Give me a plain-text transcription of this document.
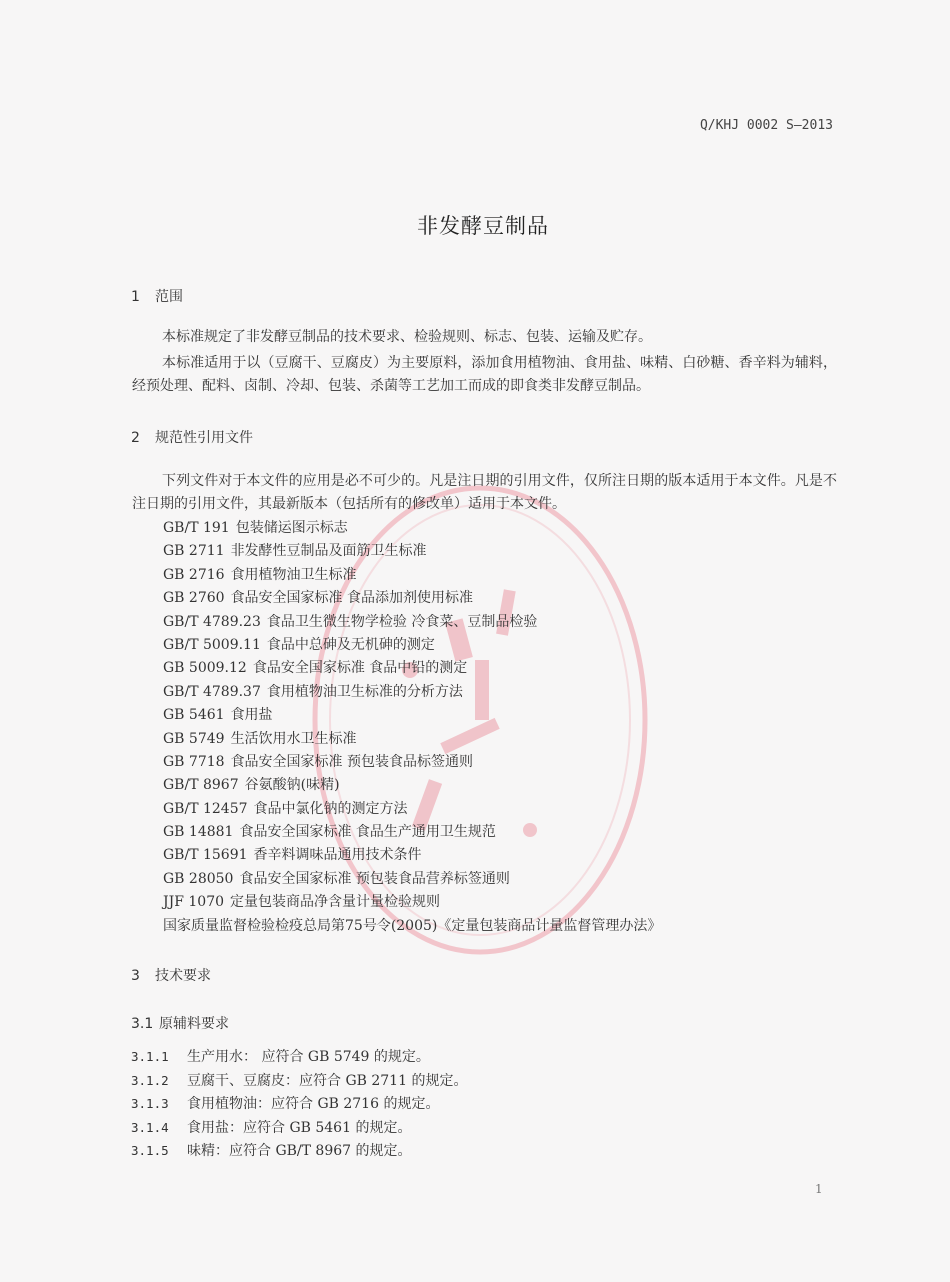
Q/KHJ 0002 S—2013
非发酵豆制品
1 范围
本标准规定了非发酵豆制品的技术要求、检验规则、标志、包装、运输及贮存。
本标准适用于以（豆腐干、豆腐皮）为主要原料，添加食用植物油、食用盐、味精、白砂糖、香辛料为辅料，经预处理、配料、卤制、冷却、包装、杀菌等工艺加工而成的即食类非发酵豆制品。
2 规范性引用文件
下列文件对于本文件的应用是必不可少的。凡是注日期的引用文件，仅所注日期的版本适用于本文件。凡是不注日期的引用文件，其最新版本（包括所有的修改单）适用于本文件。
GB/T 191 包装储运图示标志
GB 2711 非发酵性豆制品及面筋卫生标准
GB 2716 食用植物油卫生标准
GB 2760 食品安全国家标准 食品添加剂使用标准
GB/T 4789.23 食品卫生微生物学检验 冷食菜、豆制品检验
GB/T 5009.11 食品中总砷及无机砷的测定
GB 5009.12 食品安全国家标准 食品中铅的测定
GB/T 4789.37 食用植物油卫生标准的分析方法
GB 5461 食用盐
GB 5749 生活饮用水卫生标准
GB 7718 食品安全国家标准 预包装食品标签通则
GB/T 8967 谷氨酸钠(味精)
GB/T 12457 食品中氯化钠的测定方法
GB 14881 食品安全国家标准 食品生产通用卫生规范
GB/T 15691 香辛料调味品通用技术条件
GB 28050 食品安全国家标准 预包装食品营养标签通则
JJF 1070 定量包装商品净含量计量检验规则
国家质量监督检验检疫总局第75号令(2005)《定量包装商品计量监督管理办法》
3 技术要求
3.1 原辅料要求
3.1.1 生产用水： 应符合 GB 5749 的规定。
3.1.2 豆腐干、豆腐皮：应符合 GB 2711 的规定。
3.1.3 食用植物油：应符合 GB 2716 的规定。
3.1.4 食用盐：应符合 GB 5461 的规定。
3.1.5 味精：应符合 GB/T 8967 的规定。
1
